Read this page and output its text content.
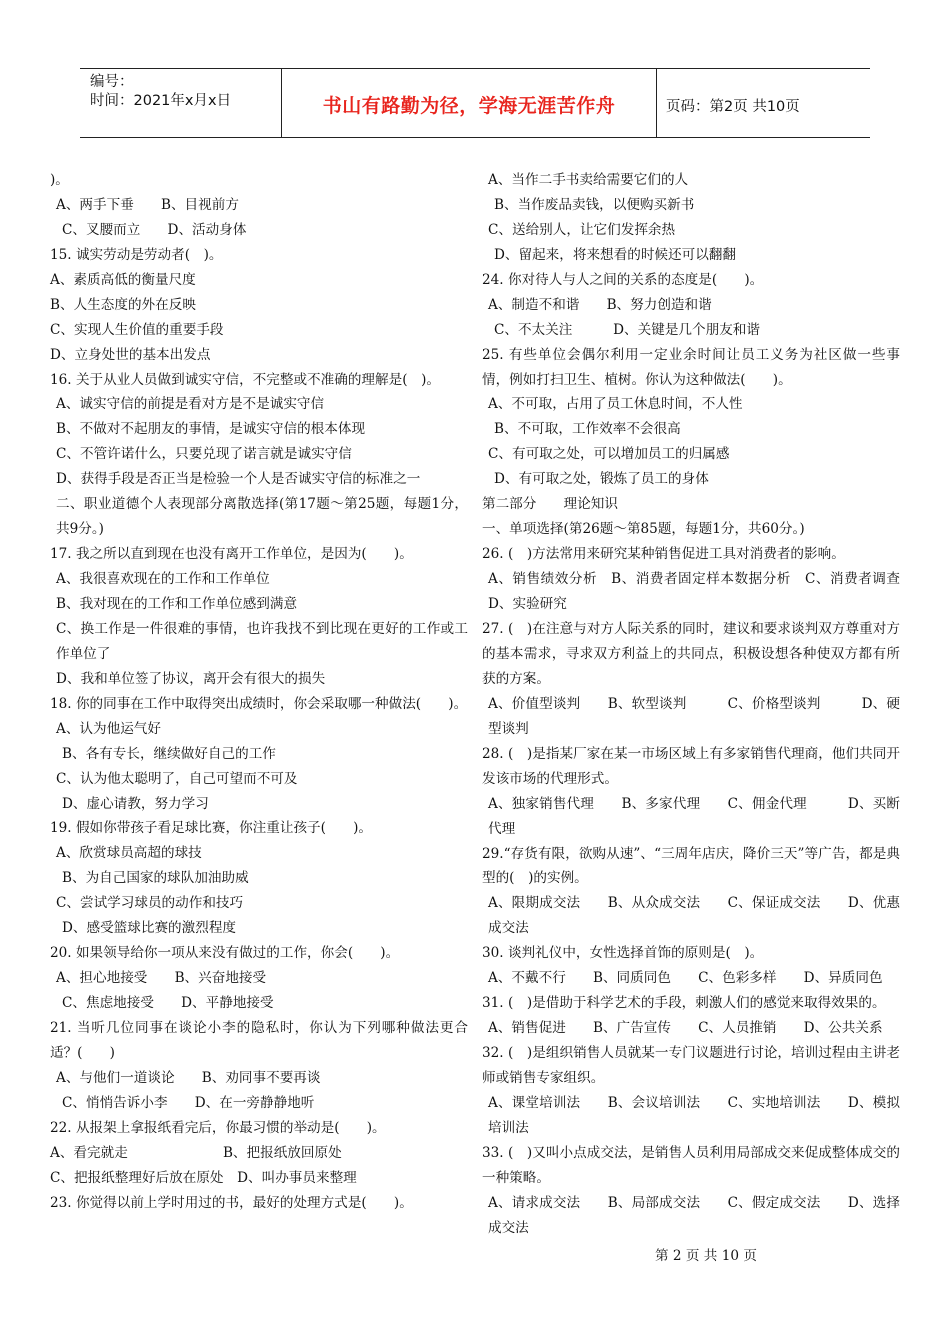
编号：
时间：2021年x月x日	书山有路勤为径，学海无涯苦作舟	页码：第2页 共10页
)。
A、两手下垂　　B、目视前方
C、叉腰而立　　D、活动身体
15. 诚实劳动是劳动者(　)。
A、素质高低的衡量尺度
B、人生态度的外在反映
C、实现人生价值的重要手段
D、立身处世的基本出发点
16. 关于从业人员做到诚实守信，不完整或不准确的理解是(　)。
A、诚实守信的前提是看对方是不是诚实守信
B、不做对不起朋友的事情，是诚实守信的根本体现
C、不管许诺什么，只要兑现了诺言就是诚实守信
D、获得手段是否正当是检验一个人是否诚实守信的标准之一
二、职业道德个人表现部分离散选择(第17题～第25题，每题1分，共9分。)
17. 我之所以直到现在也没有离开工作单位，是因为(　　)。
A、我很喜欢现在的工作和工作单位
B、我对现在的工作和工作单位感到满意
C、换工作是一件很难的事情，也许我找不到比现在更好的工作或工作单位了
D、我和单位签了协议，离开会有很大的损失
18. 你的同事在工作中取得突出成绩时，你会采取哪一种做法(　　)。
A、认为他运气好
B、各有专长，继续做好自己的工作
C、认为他太聪明了，自己可望而不可及
D、虚心请教，努力学习
19. 假如你带孩子看足球比赛，你注重让孩子(　　)。
A、欣赏球员高超的球技
B、为自己国家的球队加油助威
C、尝试学习球员的动作和技巧
D、感受篮球比赛的激烈程度
20. 如果领导给你一项从来没有做过的工作，你会(　　)。
A、担心地接受　　B、兴奋地接受
C、焦虑地接受　　D、平静地接受
21. 当听几位同事在谈论小李的隐私时，你认为下列哪种做法更合适？(　　)
A、与他们一道谈论　　B、劝同事不要再谈
C、悄悄告诉小李　　D、在一旁静静地听
22. 从报架上拿报纸看完后，你最习惯的举动是(　　)。
A、看完就走　　　　　　　B、把报纸放回原处
C、把报纸整理好后放在原处　D、叫办事员来整理
23. 你觉得以前上学时用过的书，最好的处理方式是(　　)。
A、当作二手书卖给需要它们的人
B、当作废品卖钱，以便购买新书
C、送给别人，让它们发挥余热
D、留起来，将来想看的时候还可以翻翻
24. 你对待人与人之间的关系的态度是(　　)。
A、制造不和谐　　B、努力创造和谐
C、不太关注　　　D、关键是几个朋友和谐
25. 有些单位会偶尔利用一定业余时间让员工义务为社区做一些事情，例如打扫卫生、植树。你认为这种做法(　　)。
A、不可取，占用了员工休息时间，不人性
B、不可取，工作效率不会很高
C、有可取之处，可以增加员工的归属感
D、有可取之处，锻炼了员工的身体
第二部分　　理论知识
一、单项选择(第26题～第85题，每题1分，共60分。)
26. (　)方法常用来研究某种销售促进工具对消费者的影响。
A、销售绩效分析　B、消费者固定样本数据分析　C、消费者调查　　D、实验研究
27. (　)在注意与对方人际关系的同时，建议和要求谈判双方尊重对方的基本需求，寻求双方利益上的共同点，积极设想各种使双方都有所获的方案。
A、价值型谈判　　B、软型谈判　　　C、价格型谈判　　　D、硬型谈判
28. (　)是指某厂家在某一市场区域上有多家销售代理商，他们共同开发该市场的代理形式。
A、独家销售代理　　B、多家代理　　C、佣金代理　　　D、买断代理
29.“存货有限，欲购从速”、“三周年店庆，降价三天”等广告，都是典型的(　)的实例。
A、限期成交法　　B、从众成交法　　C、保证成交法　　D、优惠成交法
30. 谈判礼仪中，女性选择首饰的原则是(　)。
A、不戴不行　　B、同质同色　　C、色彩多样　　D、异质同色
31. (　)是借助于科学艺术的手段，刺激人们的感觉来取得效果的。
A、销售促进　　B、广告宣传　　C、人员推销　　D、公共关系
32. (　)是组织销售人员就某一专门议题进行讨论，培训过程由主讲老师或销售专家组织。
A、课堂培训法　　B、会议培训法　　C、实地培训法　　D、模拟培训法
33. (　)又叫小点成交法，是销售人员利用局部成交来促成整体成交的一种策略。
A、请求成交法　　B、局部成交法　　C、假定成交法　　D、选择成交法
第 2 页 共 10 页
